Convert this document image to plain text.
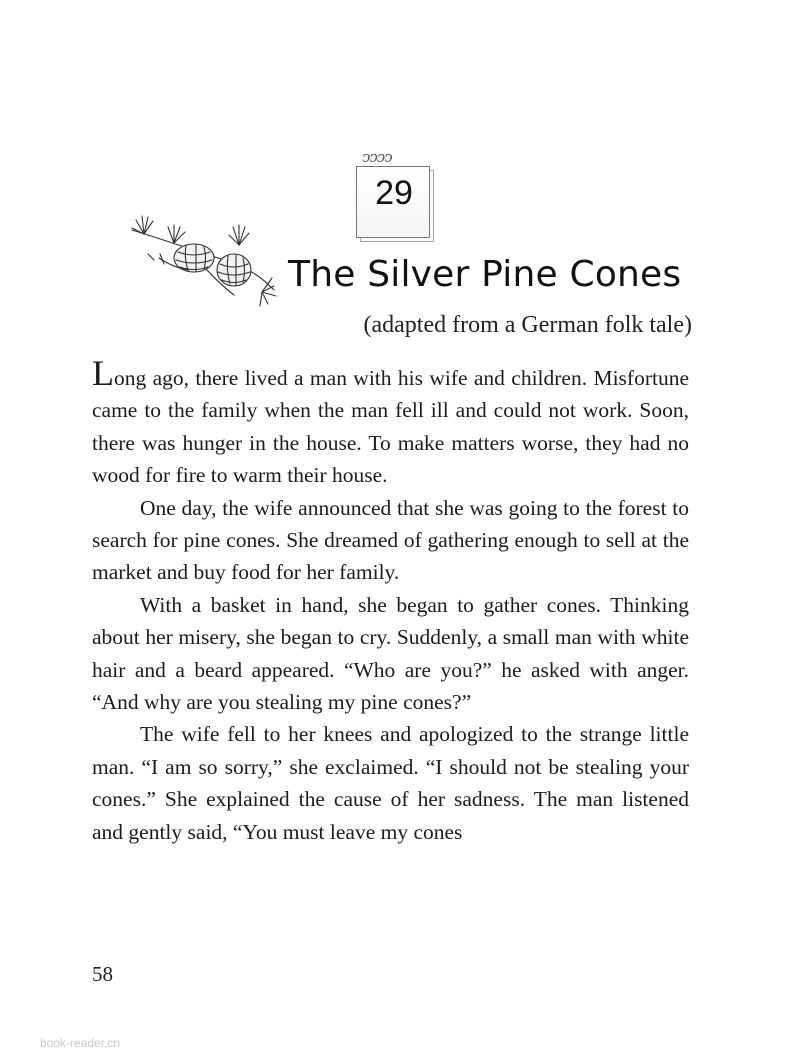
ↄↄↄↄ
29
The Silver Pine Cones
(adapted from a German folk tale)

Long ago, there lived a man with his wife and children. Misfortune came to the family when the man fell ill and could not work. Soon, there was hunger in the house. To make matters worse, they had no wood for fire to warm their house.

One day, the wife announced that she was going to the forest to search for pine cones. She dreamed of gathering enough to sell at the market and buy food for her family.

With a basket in hand, she began to gather cones. Thinking about her misery, she began to cry. Suddenly, a small man with white hair and a beard appeared. “Who are you?” he asked with anger. “And why are you stealing my pine cones?”

The wife fell to her knees and apologized to the strange little man. “I am so sorry,” she exclaimed. “I should not be stealing your cones.” She explained the cause of her sadness. The man listened and gently said, “You must leave my cones

58
book-reader.cn
